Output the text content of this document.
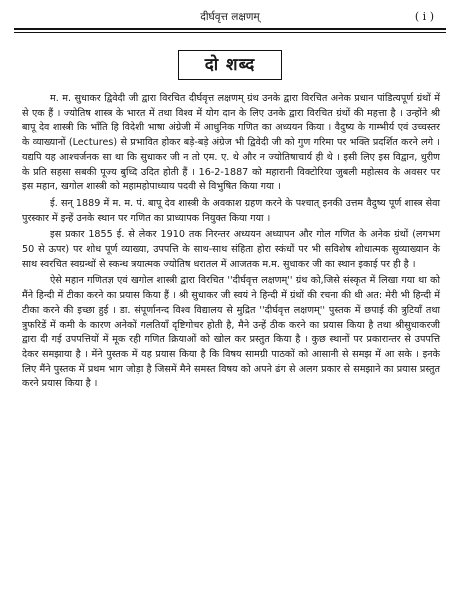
दीर्घवृत्त लक्षणम्	( i )
दो शब्द

म. म. सुधाकर द्विवेदी जी द्वारा विरचित दीर्घवृत्त लक्षणम् ग्रंथ उनके द्वारा विरचित अनेक प्रधान पांडित्यपूर्ण ग्रंथों में से एक हैं । ज्योतिष शास्त्र के भारत में तथा विश्व में योग दान के लिए उनके द्वारा विरचित ग्रंथों की महत्ता है । उन्होंने श्री बापू देव शास्त्री कि भाँति हि विदेशी भाषा अंग्रेजी में आधुनिक गणित का अध्ययन किया । वैदुष्य के गाम्भीर्य एवं उच्चस्तर के व्याख्यानों (Lectures) से प्रभावित होकर बड़े-बड़े अंग्रेज भी द्विवेदी जी को गुण गरिमा पर भक्ति प्रदर्शित करने लगे । यद्यपि यह आश्चर्जनक सा था कि सुधाकर जी न तो एम. ए. थे और न ज्योतिषाचार्य ही थे । इसी लिए इस विद्वान, धुरीण के प्रति सहसा सबकी पूज्य बुध्दि उदित होती हैं । 16-2-1887 को महारानी विक्टोरिया जुबली महोत्सव के अवसर पर इस महान, खगोल शास्त्री को महामहोपाध्याय पदवी से विभुषित किया गया ।

ई. सन् 1889 में म. म. पं. बापू देव शास्त्री के अवकाश ग्रहण करने के पश्चात् इनकी उत्तम वैदुष्य पूर्ण शास्त्र सेवा पुरस्कार में इन्हें उनके स्थान पर गणित का प्राध्यापक नियुक्त किया गया ।

इस प्रकार 1855 ई. से लेकर 1910 तक निरन्तर अध्ययन अध्यापन और गोल गणित के अनेक ग्रंथों (लगभग 50 से ऊपर) पर शोध पूर्ण व्याख्या, उपपत्ति के साथ-साथ संहिता होरा स्कंधों पर भी सविशेष शोधात्मक सुव्याख्यान के साथ स्वरचित स्वग्रन्थों से स्कन्ध त्रयात्मक ज्योतिष धरातल में आजतक म.म. सुधाकर जी का स्थान इकाई पर ही है ।

ऐसे महान गणितज्ञ एवं खगोल शास्त्री द्वारा विरचित ''दीर्घवृत्त लक्षणम्'' ग्रंथ को,जिसे संस्कृत में लिखा गया था को मैंने हिन्दी में टीका करने का प्रयास किया हैं । श्री सुधाकर जी स्वयं ने हिन्दी में ग्रंथों की रचना की थी अत: मेरी भी हिन्दी में टीका करने की इच्छा हुई । डा. संपूर्णानन्द विश्व विद्यालय से मुद्रित ''दीर्घवृत्त लक्षणम्'' पुस्तक में छपाई की त्रुटियाँ तथा त्रुफरिडें में कमी के कारण अनेकों गलतियाँ दृष्टिगोचर होती है, मैने उन्हें ठीक करने का प्रयास किया है तथा श्रीसुधाकरजी द्वारा दी गई उपपत्तियों में मूक रही गणित क्रियाओं को खोल कर प्रस्तुत किया है । कुछ स्थानों पर प्रकारान्तर से उपपत्ति देकर समझाया है । मेंने पुस्तक में यह प्रयास किया है कि विषय सामग्री पाठकों को आसानी से समझ में आ सके । इनके लिए मैंने पुस्तक में प्रथम भाग जोड़ा है जिसमें मैने समस्त विषय को अपने ढंग से अलग प्रकार से समझाने का प्रयास प्रस्तुत करने प्रयास किया है ।
